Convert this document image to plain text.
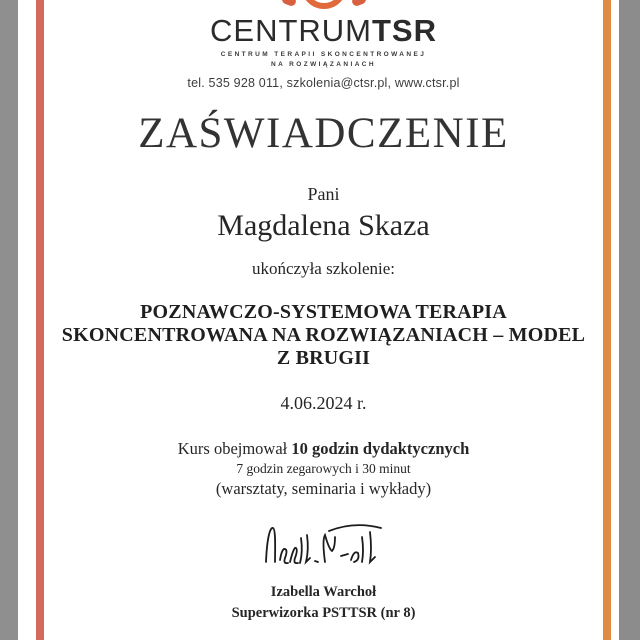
CENTRUMTSR
CENTRUM TERAPII SKONCENTROWANEJ
NA ROZWIĄZANIACH
tel. 535 928 011, szkolenia@ctsr.pl, www.ctsr.pl
ZAŚWIADCZENIE
Pani
Magdalena Skaza
ukończyła szkolenie:
POZNAWCZO-SYSTEMOWA TERAPIA
SKONCENTROWANA NA ROZWIĄZANIACH – MODEL
Z BRUGII
4.06.2024 r.
Kurs obejmował 10 godzin dydaktycznych
7 godzin zegarowych i 30 minut
(warsztaty, seminaria i wykłady)
Izabella Warchoł
Superwizorka PSTTSR (nr 8)
